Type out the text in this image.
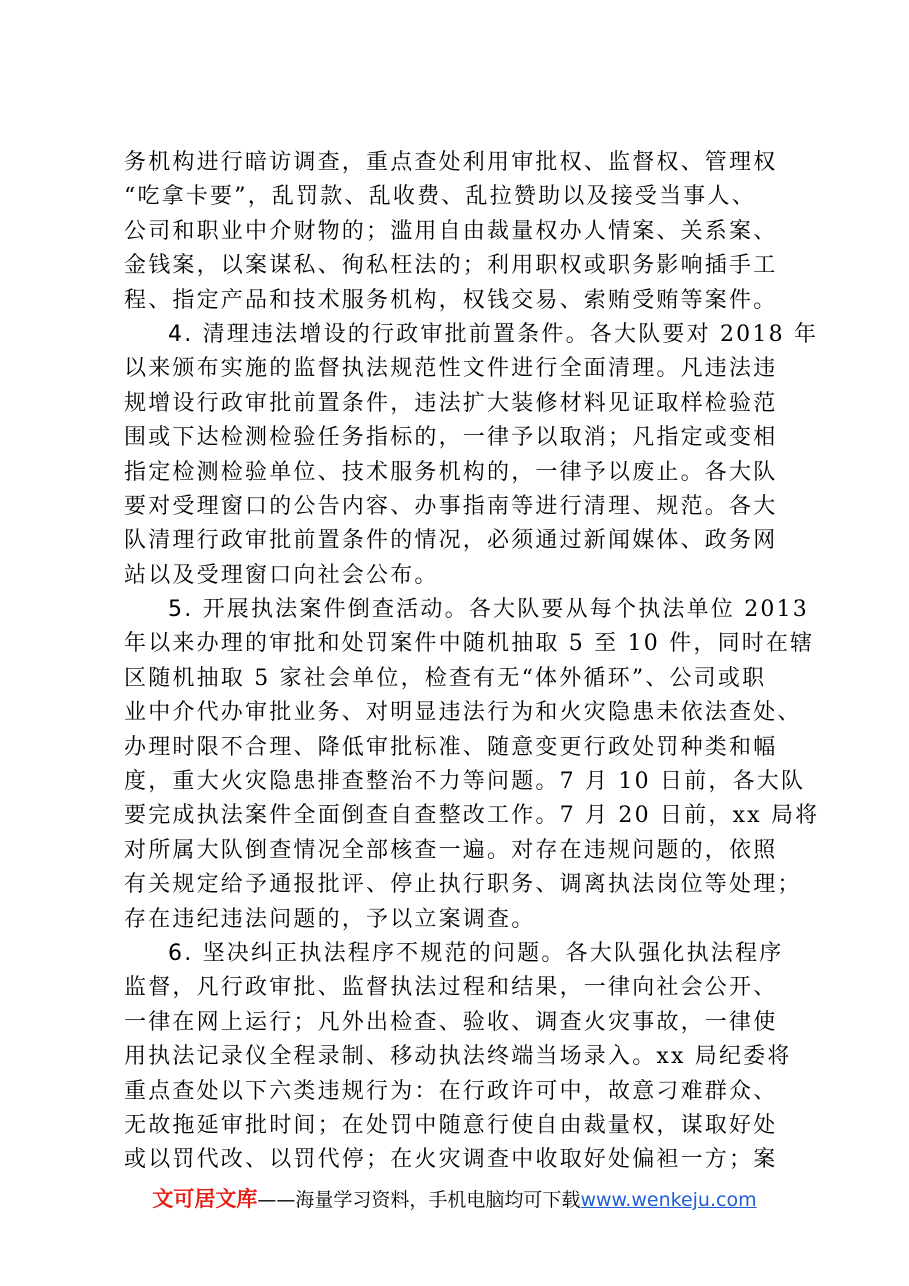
务机构进行暗访调查，重点查处利用审批权、监督权、管理权
“吃拿卡要”，乱罚款、乱收费、乱拉赞助以及接受当事人、
公司和职业中介财物的；滥用自由裁量权办人情案、关系案、
金钱案，以案谋私、徇私枉法的；利用职权或职务影响插手工
程、指定产品和技术服务机构，权钱交易、索贿受贿等案件。
4. 清理违法增设的行政审批前置条件。各大队要对 2018 年
以来颁布实施的监督执法规范性文件进行全面清理。凡违法违
规增设行政审批前置条件，违法扩大装修材料见证取样检验范
围或下达检测检验任务指标的，一律予以取消；凡指定或变相
指定检测检验单位、技术服务机构的，一律予以废止。各大队
要对受理窗口的公告内容、办事指南等进行清理、规范。各大
队清理行政审批前置条件的情况，必须通过新闻媒体、政务网
站以及受理窗口向社会公布。
5. 开展执法案件倒查活动。各大队要从每个执法单位 2013
年以来办理的审批和处罚案件中随机抽取 5 至 10 件，同时在辖
区随机抽取 5 家社会单位，检查有无“体外循环”、公司或职
业中介代办审批业务、对明显违法行为和火灾隐患未依法查处、
办理时限不合理、降低审批标准、随意变更行政处罚种类和幅
度，重大火灾隐患排查整治不力等问题。7 月 10 日前，各大队
要完成执法案件全面倒查自查整改工作。7 月 20 日前，xx 局将
对所属大队倒查情况全部核查一遍。对存在违规问题的，依照
有关规定给予通报批评、停止执行职务、调离执法岗位等处理；
存在违纪违法问题的，予以立案调查。
6. 坚决纠正执法程序不规范的问题。各大队强化执法程序
监督，凡行政审批、监督执法过程和结果，一律向社会公开、
一律在网上运行；凡外出检查、验收、调查火灾事故，一律使
用执法记录仪全程录制、移动执法终端当场录入。xx 局纪委将
重点查处以下六类违规行为：在行政许可中，故意刁难群众、
无故拖延审批时间；在处罚中随意行使自由裁量权，谋取好处
或以罚代改、以罚代停；在火灾调查中收取好处偏袒一方；案
文可居文库——海量学习资料，手机电脑均可下载www.wenkeju.com
